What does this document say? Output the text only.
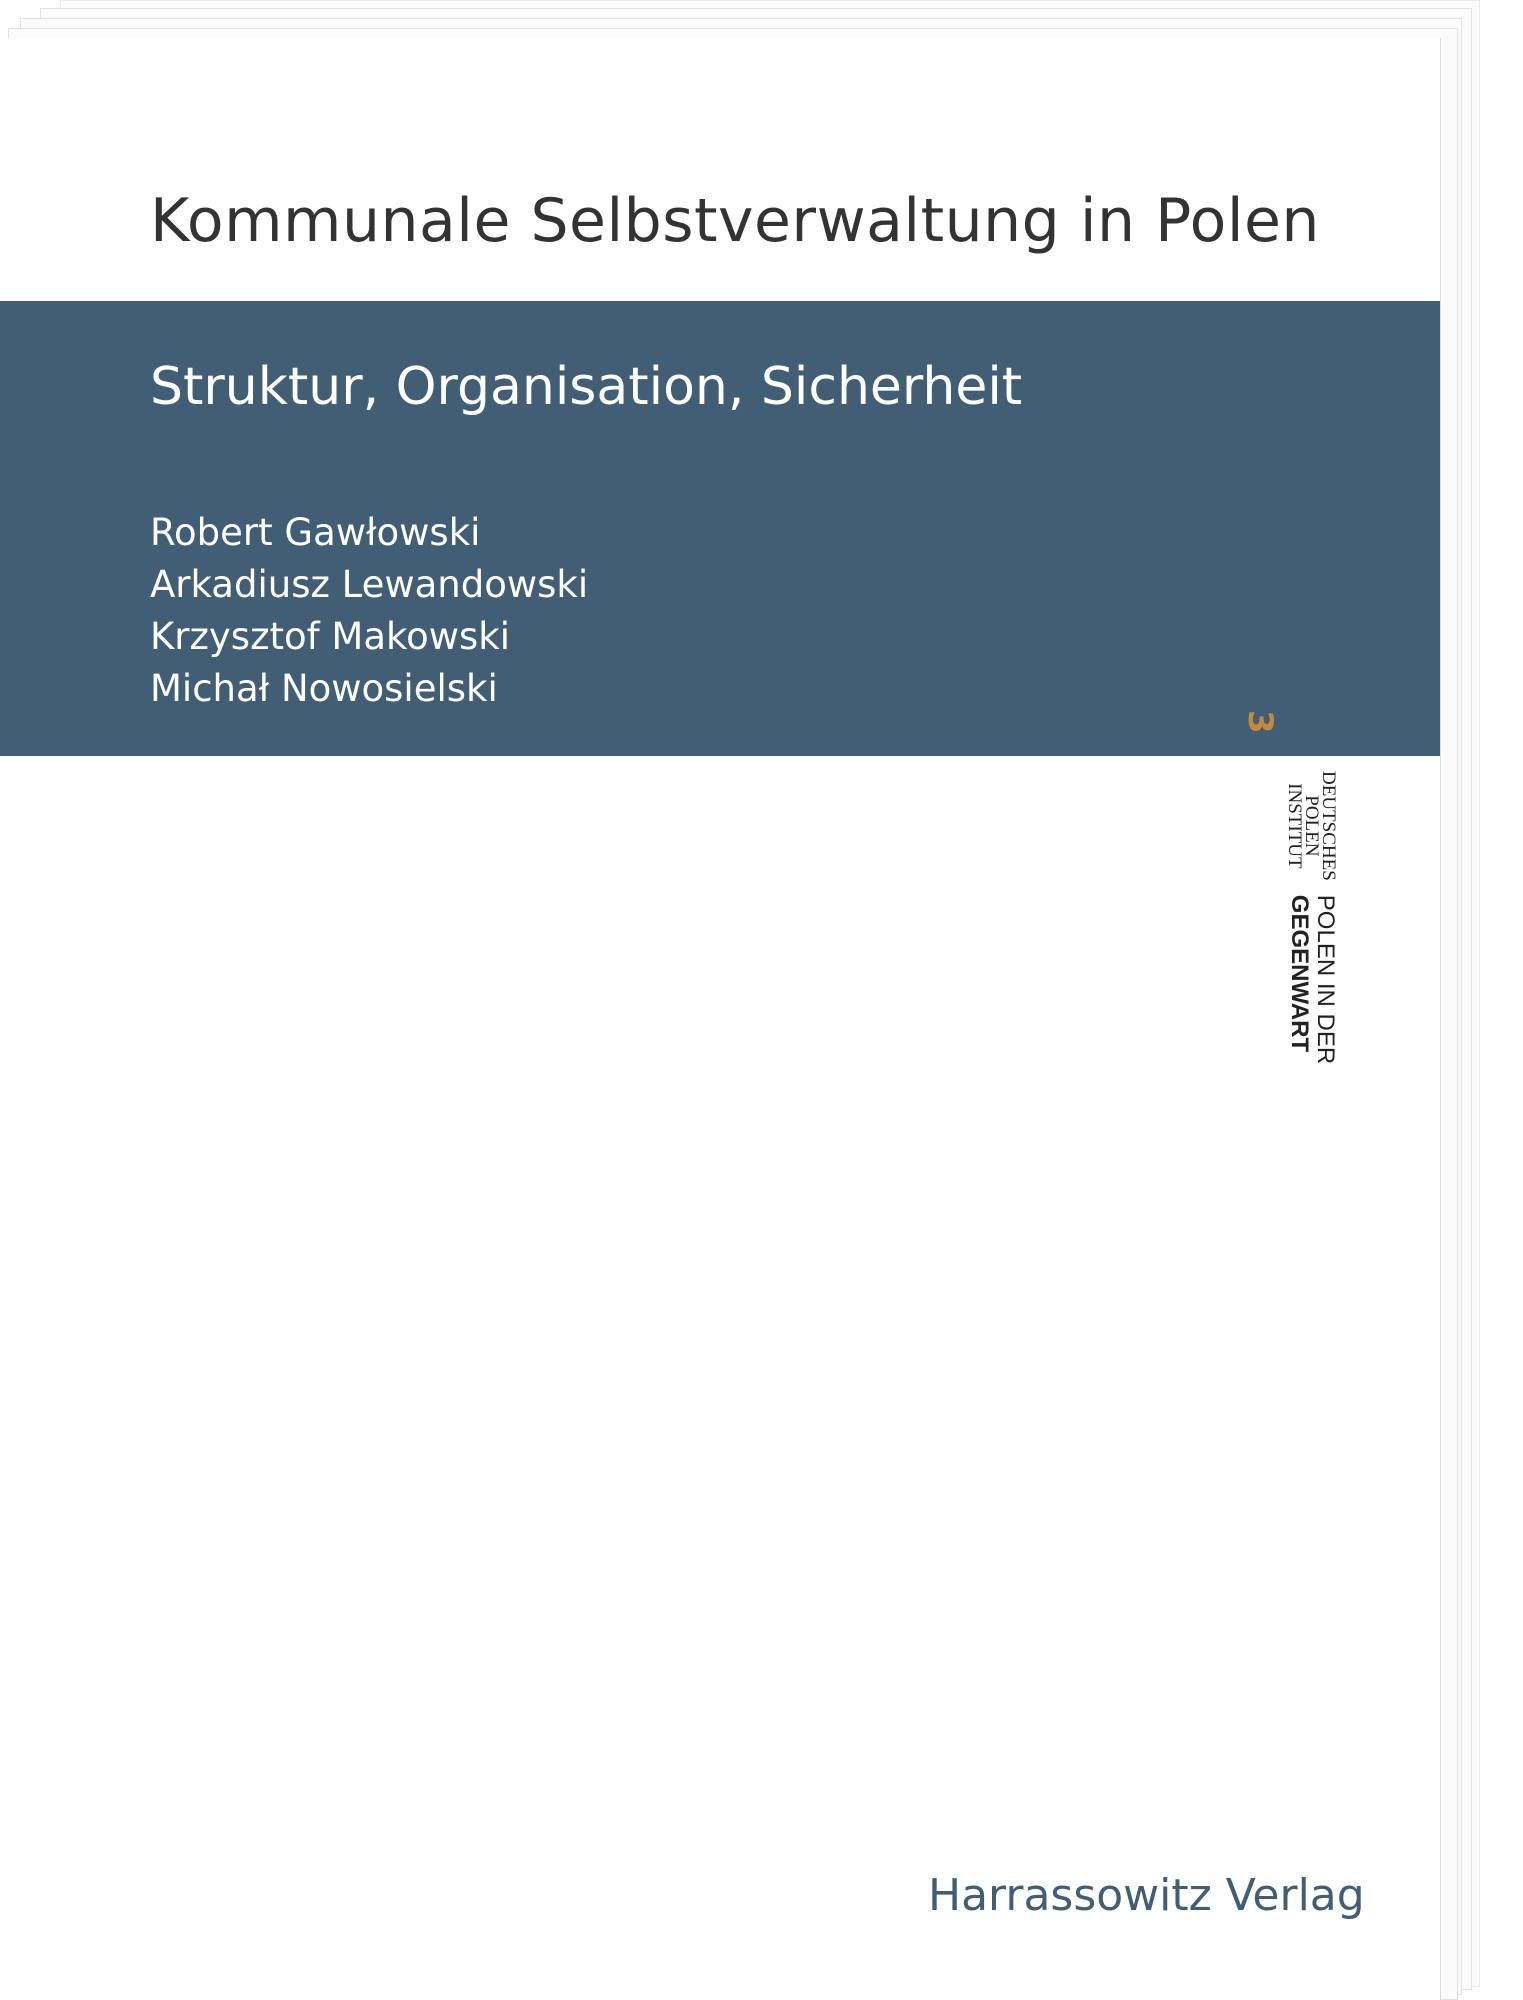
Kommunale Selbstverwaltung in Polen
Struktur, Organisation, Sicherheit
Robert Gawłowski
Arkadiusz Lewandowski
Krzysztof Makowski
Michał Nowosielski
3
DEUTSCHES
POLEN
INSTITUT
POLEN IN DER
GEGENWART
Harrassowitz Verlag
